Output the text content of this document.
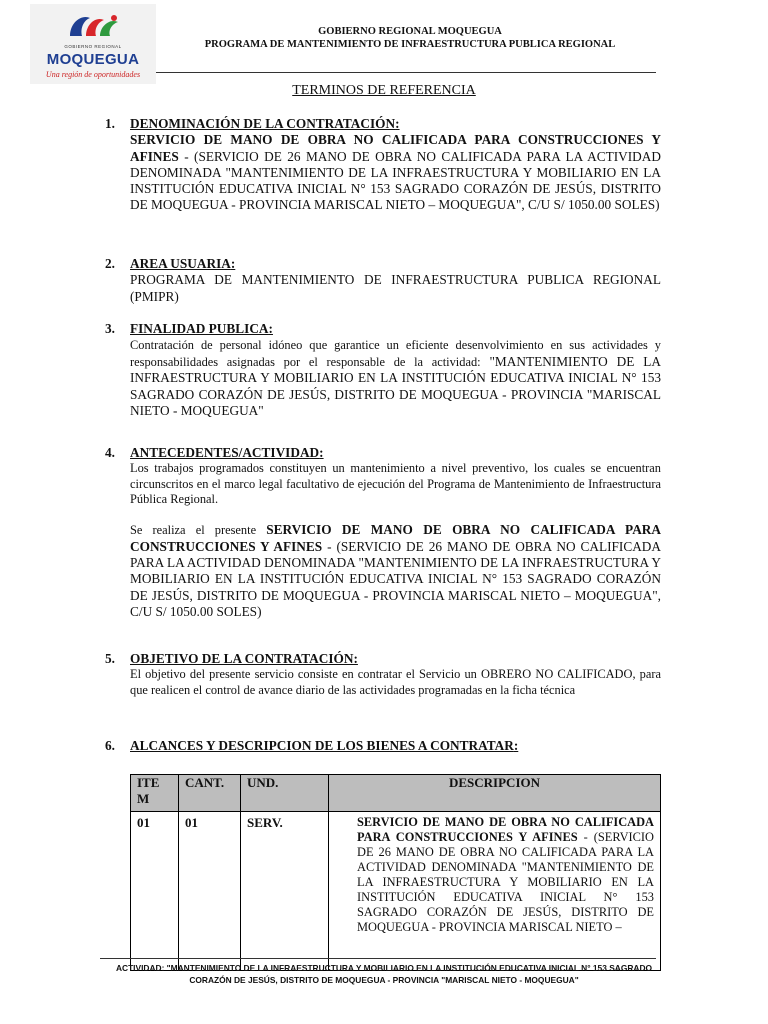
GOBIERNO REGIONAL
MOQUEGUA
Una región de oportunidades
GOBIERNO REGIONAL MOQUEGUA
PROGRAMA DE MANTENIMIENTO DE INFRAESTRUCTURA PUBLICA REGIONAL
TERMINOS DE REFERENCIA
1.	DENOMINACIÓN DE LA CONTRATACIÓN:
SERVICIO DE MANO DE OBRA NO CALIFICADA PARA CONSTRUCCIONES Y AFINES - (SERVICIO DE 26 MANO DE OBRA NO CALIFICADA PARA LA ACTIVIDAD DENOMINADA "MANTENIMIENTO DE LA INFRAESTRUCTURA Y MOBILIARIO EN LA INSTITUCIÓN EDUCATIVA INICIAL N° 153 SAGRADO CORAZÓN DE JESÚS, DISTRITO DE MOQUEGUA - PROVINCIA MARISCAL NIETO – MOQUEGUA", C/U S/ 1050.00 SOLES)
2.	AREA USUARIA:
PROGRAMA DE MANTENIMIENTO DE INFRAESTRUCTURA PUBLICA REGIONAL (PMIPR)
3.	FINALIDAD PUBLICA:
Contratación de personal idóneo que garantice un eficiente desenvolvimiento en sus actividades y responsabilidades asignadas por el responsable de la actividad: "MANTENIMIENTO DE LA INFRAESTRUCTURA Y MOBILIARIO EN LA INSTITUCIÓN EDUCATIVA INICIAL N° 153 SAGRADO CORAZÓN DE JESÚS, DISTRITO DE MOQUEGUA - PROVINCIA "MARISCAL NIETO - MOQUEGUA"
4.	ANTECEDENTES/ACTIVIDAD:
Los trabajos programados constituyen un mantenimiento a nivel preventivo, los cuales se encuentran circunscritos en el marco legal facultativo de ejecución del Programa de Mantenimiento de Infraestructura Pública Regional.
Se realiza el presente SERVICIO DE MANO DE OBRA NO CALIFICADA PARA CONSTRUCCIONES Y AFINES - (SERVICIO DE 26 MANO DE OBRA NO CALIFICADA PARA LA ACTIVIDAD DENOMINADA "MANTENIMIENTO DE LA INFRAESTRUCTURA Y MOBILIARIO EN LA INSTITUCIÓN EDUCATIVA INICIAL N° 153 SAGRADO CORAZÓN DE JESÚS, DISTRITO DE MOQUEGUA - PROVINCIA MARISCAL NIETO – MOQUEGUA", C/U S/ 1050.00 SOLES)
5.	OBJETIVO DE LA CONTRATACIÓN:
El objetivo del presente servicio consiste en contratar el Servicio un OBRERO NO CALIFICADO, para que realicen el control de avance diario de las actividades programadas en la ficha técnica
6.	ALCANCES Y DESCRIPCION DE LOS BIENES A CONTRATAR:
ITE M	CANT.	UND.	DESCRIPCION
01	01	SERV.	SERVICIO DE MANO DE OBRA NO CALIFICADA PARA CONSTRUCCIONES Y AFINES - (SERVICIO DE 26 MANO DE OBRA NO CALIFICADA PARA LA ACTIVIDAD DENOMINADA "MANTENIMIENTO DE LA INFRAESTRUCTURA Y MOBILIARIO EN LA INSTITUCIÓN EDUCATIVA INICIAL N° 153 SAGRADO CORAZÓN DE JESÚS, DISTRITO DE MOQUEGUA - PROVINCIA MARISCAL NIETO –
ACTIVIDAD: "MANTENIMIENTO DE LA INFRAESTRUCTURA Y MOBILIARIO EN LA INSTITUCIÓN EDUCATIVA INICIAL N° 153 SAGRADO
CORAZÓN DE JESÚS, DISTRITO DE MOQUEGUA - PROVINCIA "MARISCAL NIETO - MOQUEGUA"
